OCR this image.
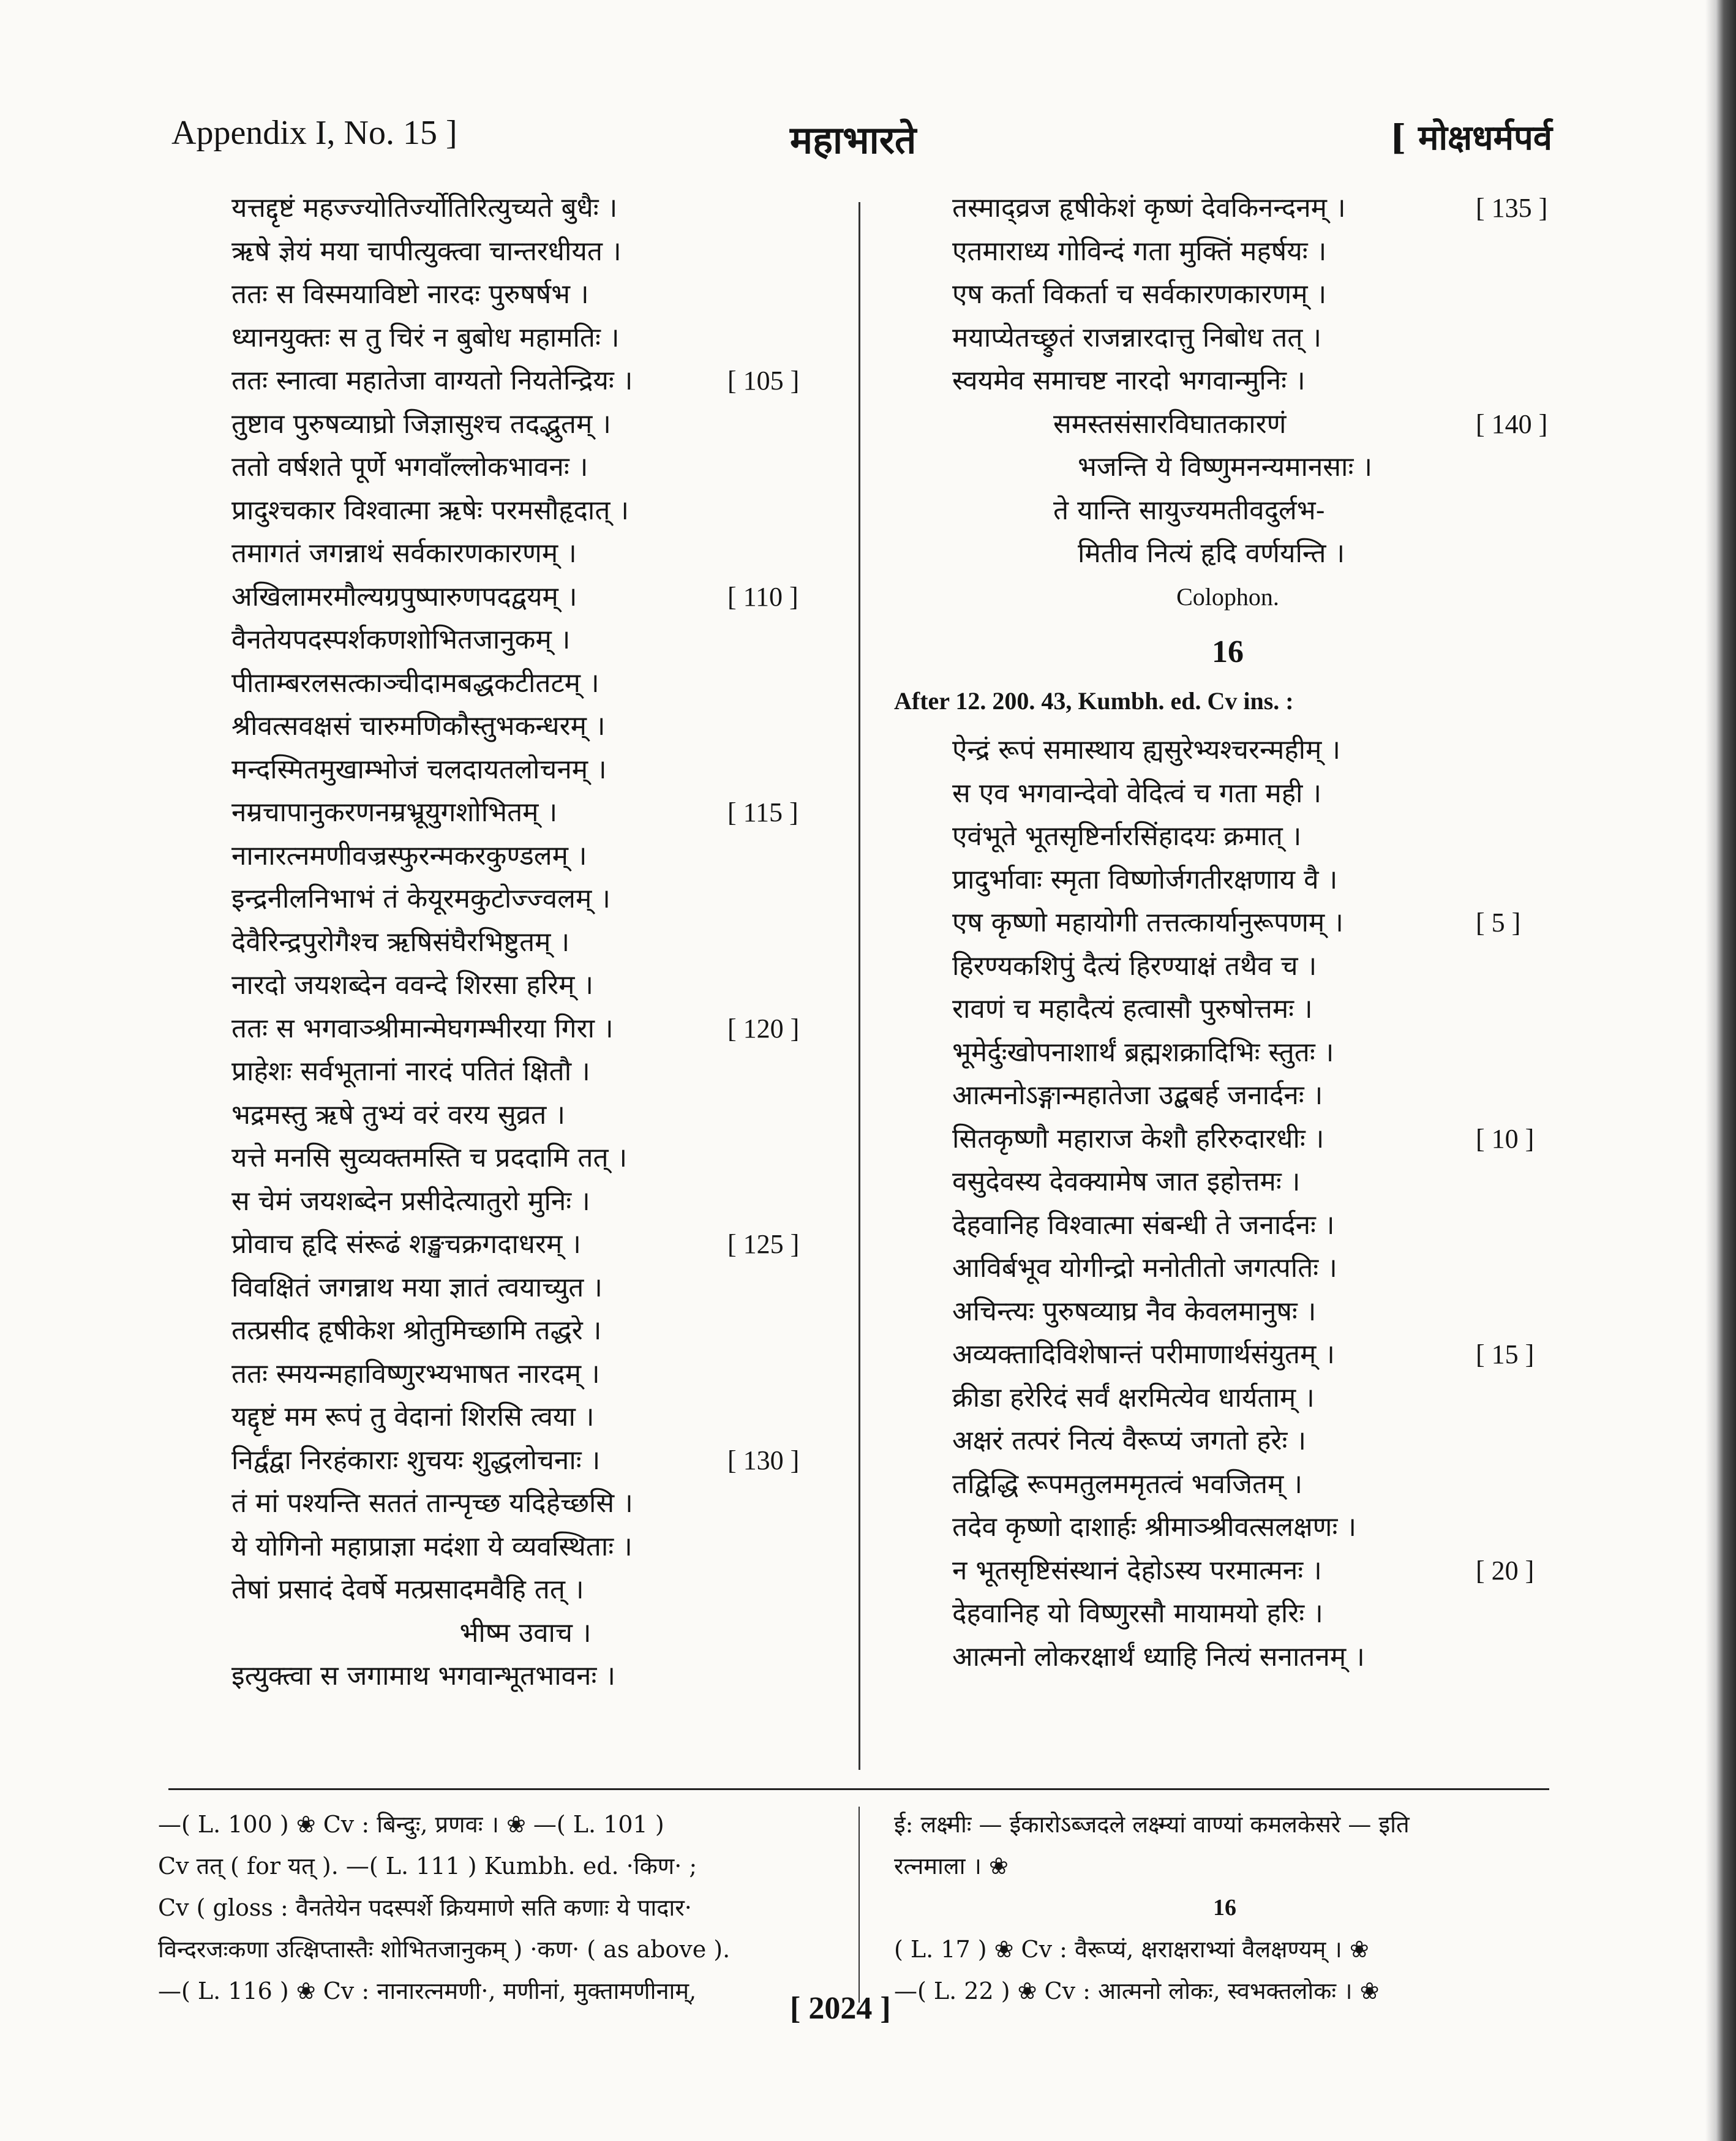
Appendix I, No. 15 ]	महाभारते	[ मोक्षधर्मपर्व
यत्तद्दृष्टं महज्ज्योतिर्ज्योतिरित्युच्यते बुधैः ।
ऋषे ज्ञेयं मया चापीत्युक्त्वा चान्तरधीयत ।
ततः स विस्मयाविष्टो नारदः पुरुषर्षभ ।
ध्यानयुक्तः स तु चिरं न बुबोध महामतिः ।
ततः स्नात्वा महातेजा वाग्यतो नियतेन्द्रियः ।	[ 105 ]
तुष्टाव पुरुषव्याघ्रो जिज्ञासुश्च तदद्भुतम् ।
ततो वर्षशते पूर्णे भगवाँल्लोकभावनः ।
प्रादुश्चकार विश्वात्मा ऋषेः परमसौहृदात् ।
तमागतं जगन्नाथं सर्वकारणकारणम् ।
अखिलामरमौल्यग्रपुष्पारुणपदद्वयम् ।	[ 110 ]
वैनतेयपदस्पर्शकणशोभितजानुकम् ।
पीताम्बरलसत्काञ्चीदामबद्धकटीतटम् ।
श्रीवत्सवक्षसं चारुमणिकौस्तुभकन्धरम् ।
मन्दस्मितमुखाम्भोजं चलदायतलोचनम् ।
नम्रचापानुकरणनम्रभ्रूयुगशोभितम् ।	[ 115 ]
नानारत्नमणीवज्रस्फुरन्मकरकुण्डलम् ।
इन्द्रनीलनिभाभं तं केयूरमकुटोज्ज्वलम् ।
देवैरिन्द्रपुरोगैश्च ऋषिसंघैरभिष्टुतम् ।
नारदो जयशब्देन ववन्दे शिरसा हरिम् ।
ततः स भगवाञ्श्रीमान्मेघगम्भीरया गिरा ।	[ 120 ]
प्राहेशः सर्वभूतानां नारदं पतितं क्षितौ ।
भद्रमस्तु ऋषे तुभ्यं वरं वरय सुव्रत ।
यत्ते मनसि सुव्यक्तमस्ति च प्रददामि तत् ।
स चेमं जयशब्देन प्रसीदेत्यातुरो मुनिः ।
प्रोवाच हृदि संरूढं शङ्खचक्रगदाधरम् ।	[ 125 ]
विवक्षितं जगन्नाथ मया ज्ञातं त्वयाच्युत ।
तत्प्रसीद हृषीकेश श्रोतुमिच्छामि तद्धरे ।
ततः स्मयन्महाविष्णुरभ्यभाषत नारदम् ।
यद्दृष्टं मम रूपं तु वेदानां शिरसि त्वया ।
निर्द्वंद्वा निरहंकाराः शुचयः शुद्धलोचनाः ।	[ 130 ]
तं मां पश्यन्ति सततं तान्पृच्छ यदिहेच्छसि ।
ये योगिनो महाप्राज्ञा मदंशा ये व्यवस्थिताः ।
तेषां प्रसादं देवर्षे मत्प्रसादमवैहि तत् ।
भीष्म उवाच ।
इत्युक्त्वा स जगामाथ भगवान्भूतभावनः ।
तस्माद्व्रज हृषीकेशं कृष्णं देवकिनन्दनम् ।	[ 135 ]
एतमाराध्य गोविन्दं गता मुक्तिं महर्षयः ।
एष कर्ता विकर्ता च सर्वकारणकारणम् ।
मयाप्येतच्छ्रुतं राजन्नारदात्तु निबोध तत् ।
स्वयमेव समाचष्ट नारदो भगवान्मुनिः ।
समस्तसंसारविघातकारणं	[ 140 ]
भजन्ति ये विष्णुमनन्यमानसाः ।
ते यान्ति सायुज्यमतीवदुर्लभ-
मितीव नित्यं हृदि वर्णयन्ति ।
Colophon.
16
After 12. 200. 43, Kumbh. ed. Cv ins. :
ऐन्द्रं रूपं समास्थाय ह्यसुरेभ्यश्चरन्महीम् ।
स एव भगवान्देवो वेदित्वं च गता मही ।
एवंभूते भूतसृष्टिर्नारसिंहादयः क्रमात् ।
प्रादुर्भावाः स्मृता विष्णोर्जगतीरक्षणाय वै ।
एष कृष्णो महायोगी तत्तत्कार्यानुरूपणम् ।	[ 5 ]
हिरण्यकशिपुं दैत्यं हिरण्याक्षं तथैव च ।
रावणं च महादैत्यं हत्वासौ पुरुषोत्तमः ।
भूमेर्दुःखोपनाशार्थं ब्रह्मशक्रादिभिः स्तुतः ।
आत्मनोऽङ्गान्महातेजा उद्बबर्ह जनार्दनः ।
सितकृष्णौ महाराज केशौ हरिरुदारधीः ।	[ 10 ]
वसुदेवस्य देवक्यामेष जात इहोत्तमः ।
देहवानिह विश्वात्मा संबन्धी ते जनार्दनः ।
आविर्बभूव योगीन्द्रो मनोतीतो जगत्पतिः ।
अचिन्त्यः पुरुषव्याघ्र नैव केवलमानुषः ।
अव्यक्तादिविशेषान्तं परीमाणार्थसंयुतम् ।	[ 15 ]
क्रीडा हरेरिदं सर्वं क्षरमित्येव धार्यताम् ।
अक्षरं तत्परं नित्यं वैरूप्यं जगतो हरेः ।
तद्विद्धि रूपमतुलममृतत्वं भवजितम् ।
तदेव कृष्णो दाशार्हः श्रीमाञ्श्रीवत्सलक्षणः ।
न भूतसृष्टिसंस्थानं देहोऽस्य परमात्मनः ।	[ 20 ]
देहवानिह यो विष्णुरसौ मायामयो हरिः ।
आत्मनो लोकरक्षार्थं ध्याहि नित्यं सनातनम् ।
—( L. 100 ) ❀ Cv : बिन्दुः, प्रणवः । ❀ —( L. 101 )
Cv तत् ( for यत् ). —( L. 111 ) Kumbh. ed. ·किण· ;
Cv ( gloss : वैनतेयेन पदस्पर्शे क्रियमाणे सति कणाः ये पादार·
विन्दरजःकणा उत्क्षिप्तास्तैः शोभितजानुकम् ) ·कण· ( as above ).
—( L. 116 ) ❀ Cv : नानारत्नमणी·, मणीनां, मुक्तामणीनाम्,
ई: लक्ष्मीः — ईकारोऽब्जदले लक्ष्म्यां वाण्यां कमलकेसरे — इति
रत्नमाला । ❀
16
( L. 17 ) ❀ Cv : वैरूप्यं, क्षराक्षराभ्यां वैलक्षण्यम् । ❀
—( L. 22 ) ❀ Cv : आत्मनो लोकः, स्वभक्तलोकः । ❀
[ 2024 ]
